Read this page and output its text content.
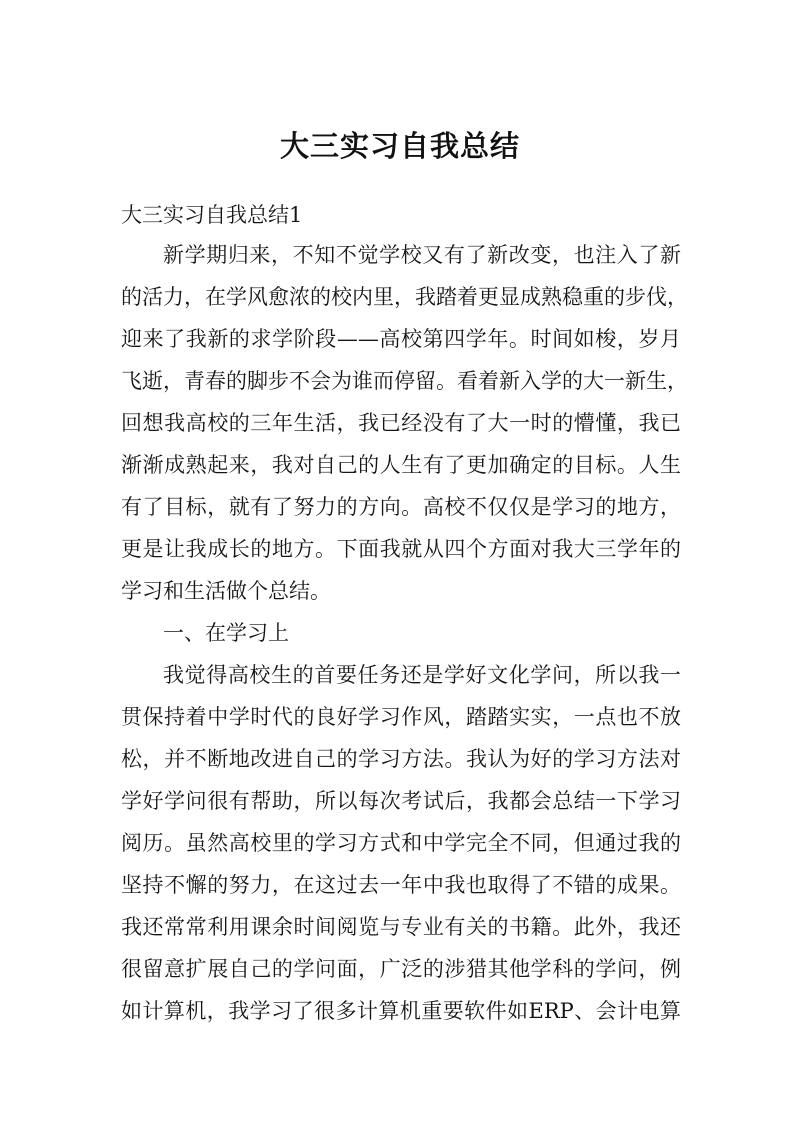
大三实习自我总结
大三实习自我总结1
新学期归来，不知不觉学校又有了新改变，也注入了新
的活力，在学风愈浓的校内里，我踏着更显成熟稳重的步伐，
迎来了我新的求学阶段——高校第四学年。时间如梭，岁月
飞逝，青春的脚步不会为谁而停留。看着新入学的大一新生，
回想我高校的三年生活，我已经没有了大一时的懵懂，我已
渐渐成熟起来，我对自己的人生有了更加确定的目标。人生
有了目标，就有了努力的方向。高校不仅仅是学习的地方，
更是让我成长的地方。下面我就从四个方面对我大三学年的
学习和生活做个总结。
一、在学习上
我觉得高校生的首要任务还是学好文化学问，所以我一
贯保持着中学时代的良好学习作风，踏踏实实，一点也不放
松，并不断地改进自己的学习方法。我认为好的学习方法对
学好学问很有帮助，所以每次考试后，我都会总结一下学习
阅历。虽然高校里的学习方式和中学完全不同，但通过我的
坚持不懈的努力，在这过去一年中我也取得了不错的成果。
我还常常利用课余时间阅览与专业有关的书籍。此外，我还
很留意扩展自己的学问面，广泛的涉猎其他学科的学问，例
如计算机，我学习了很多计算机重要软件如ERP、会计电算
